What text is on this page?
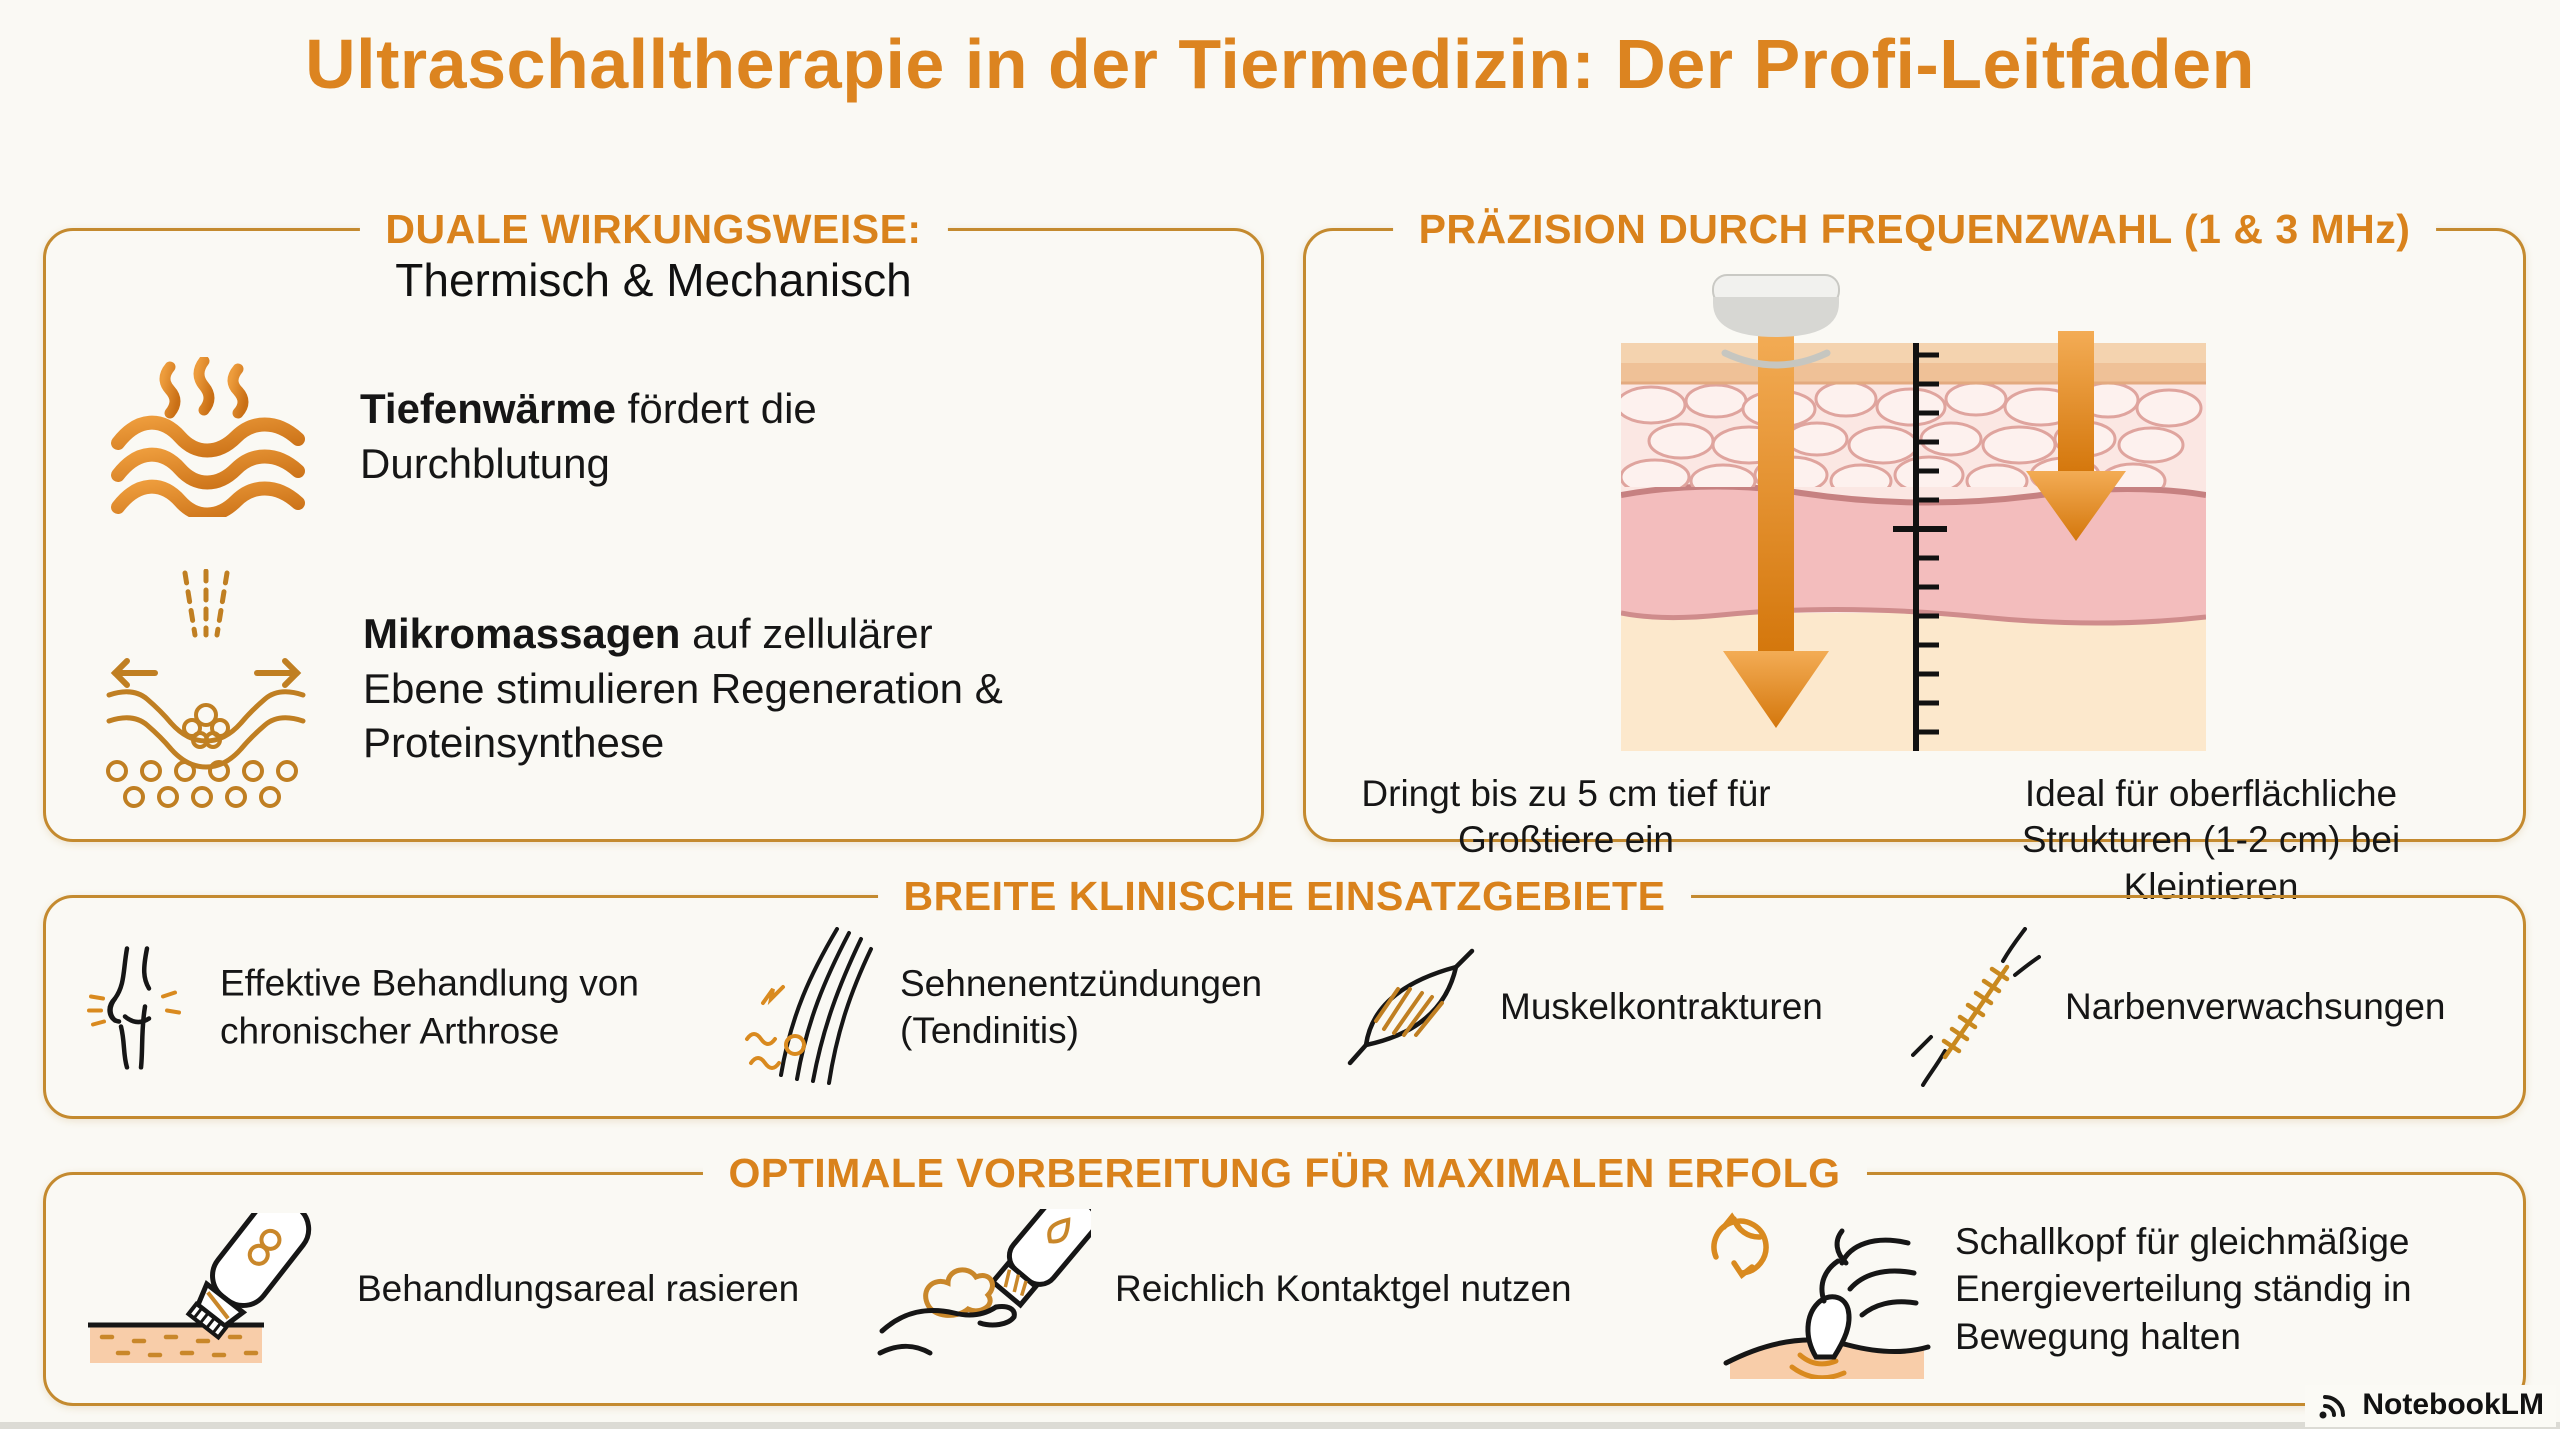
Ultraschalltherapie in der Tiermedizin: Der Profi-Leitfaden
DUALE WIRKUNGSWEISE:
Thermisch & Mechanisch
Tiefenwärme fördert die Durchblutung
Mikromassagen auf zellulärer Ebene stimulieren Regeneration & Proteinsynthese
PRÄZISION DURCH FREQUENZWAHL (1 & 3 MHz)
Dringt bis zu 5 cm tief für Großtiere ein
Ideal für oberflächliche Strukturen (1-2 cm) bei Kleintieren
BREITE KLINISCHE EINSATZGEBIETE
Effektive Behandlung von chronischer Arthrose
Sehnenentzündungen (Tendinitis)
Muskelkontrakturen	Narbenverwachsungen
OPTIMALE VORBEREITUNG FÜR MAXIMALEN ERFOLG
Behandlungsareal rasieren	Reichlich Kontaktgel nutzen
Schallkopf für gleichmäßige Energieverteilung ständig in Bewegung halten
NotebookLM
